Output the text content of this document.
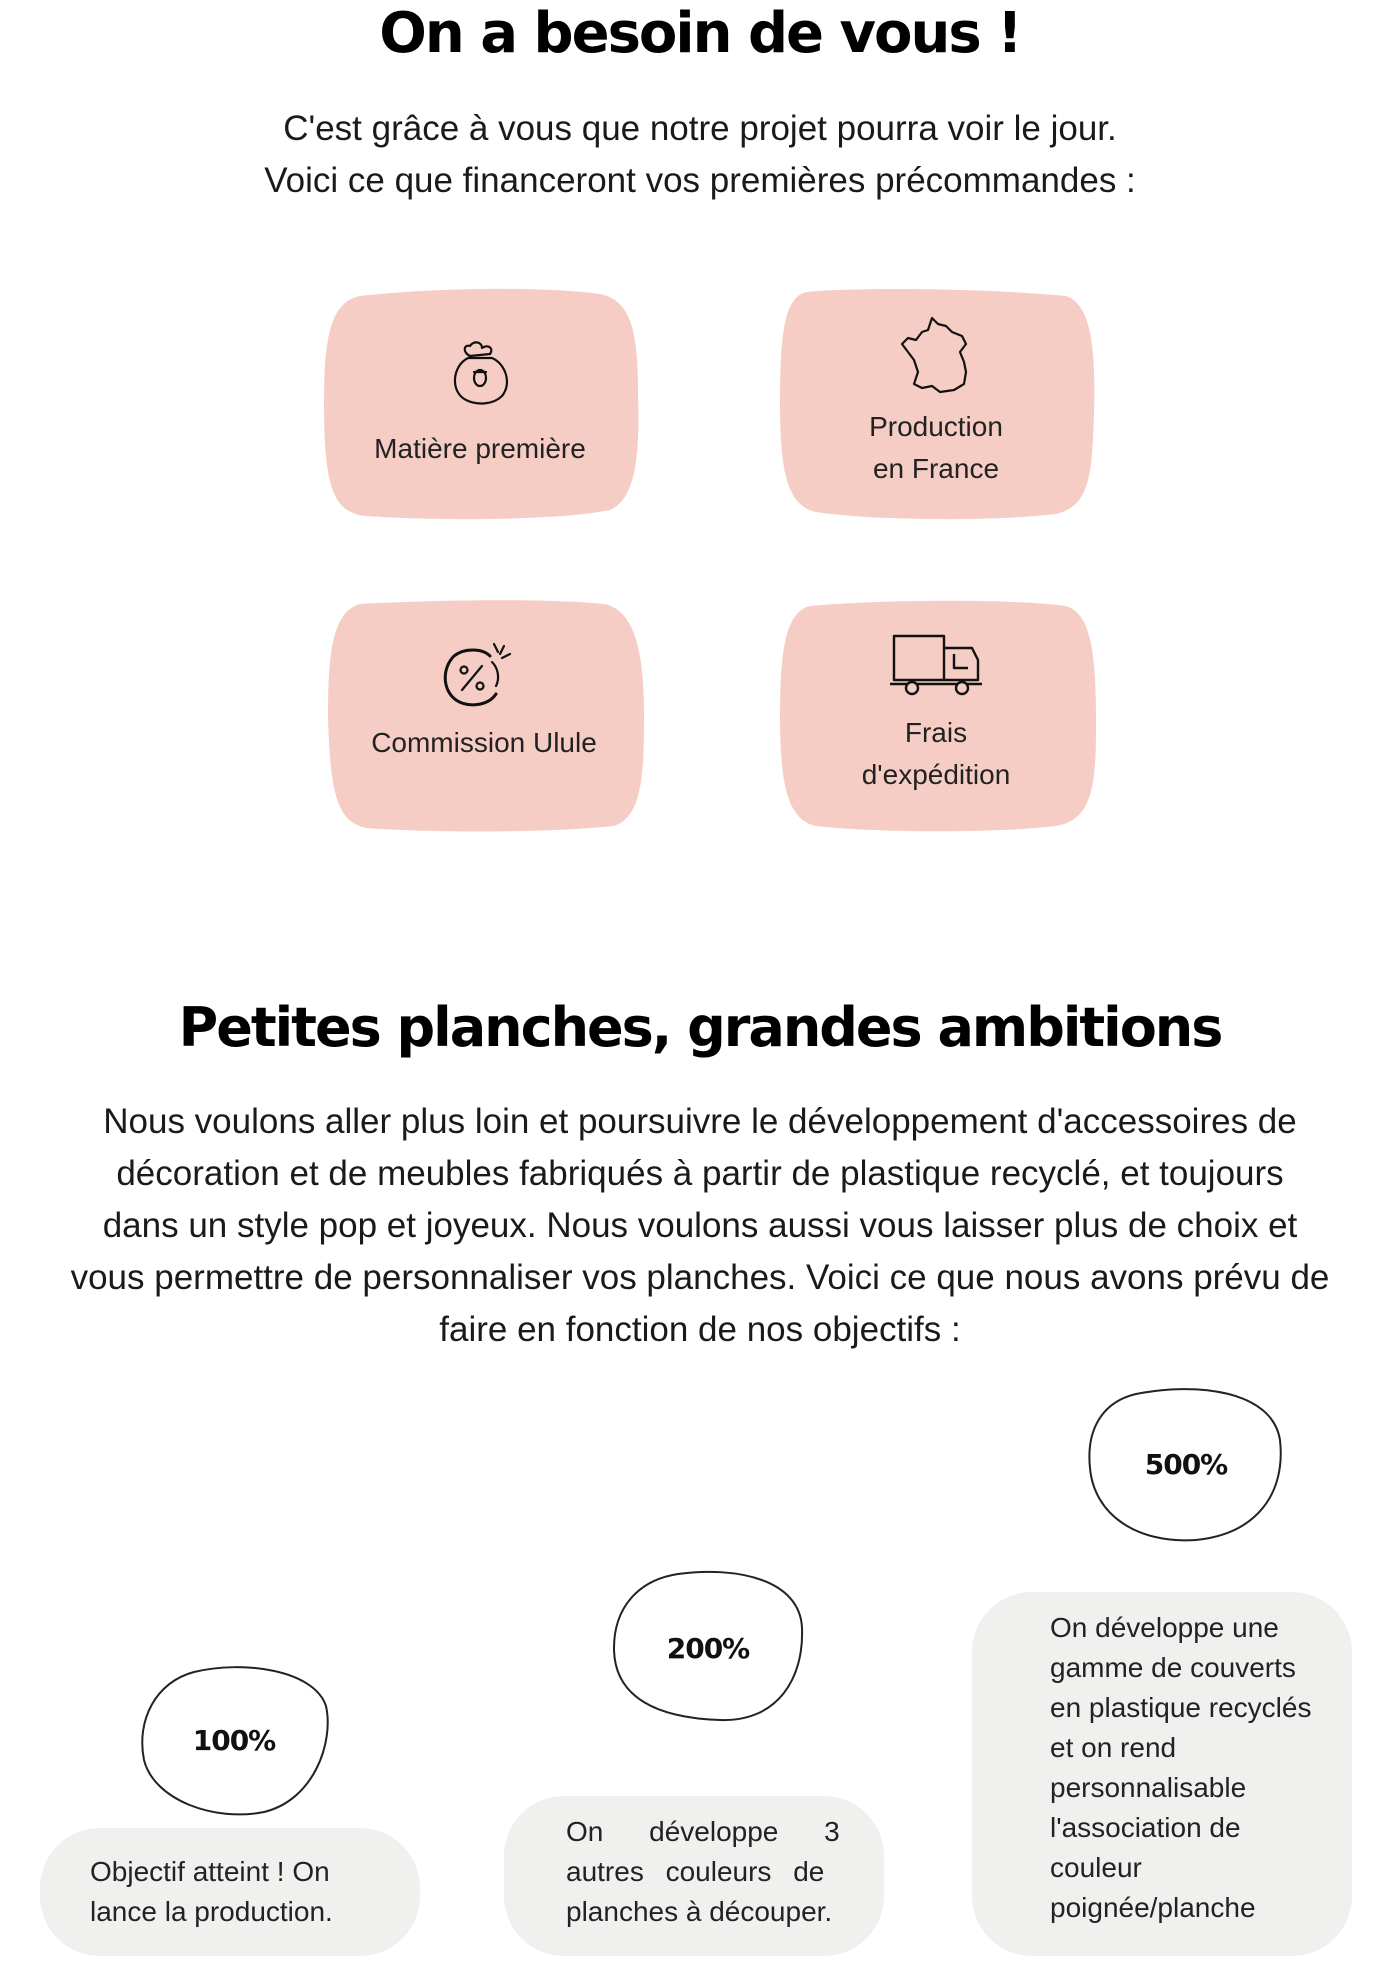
On a besoin de vous !
C'est grâce à vous que notre projet pourra voir le jour.
Voici ce que financeront vos premières précommandes :
Matière première
Production
en France
Commission Ulule	Frais
d'expédition
Petites planches, grandes ambitions
Nous voulons aller plus loin et poursuivre le développement d'accessoires de
décoration et de meubles fabriqués à partir de plastique recyclé, et toujours
dans un style pop et joyeux. Nous voulons aussi vous laisser plus de choix et
vous permettre de personnaliser vos planches. Voici ce que nous avons prévu de
faire en fonction de nos objectifs :
100%
200%
500%
Objectif atteint ! On
lance la production.
On développe 3
autres couleurs de
planches à découper.
On développe une
gamme de couverts
en plastique recyclés
et on rend
personnalisable
l'association de
couleur
poignée/planche
